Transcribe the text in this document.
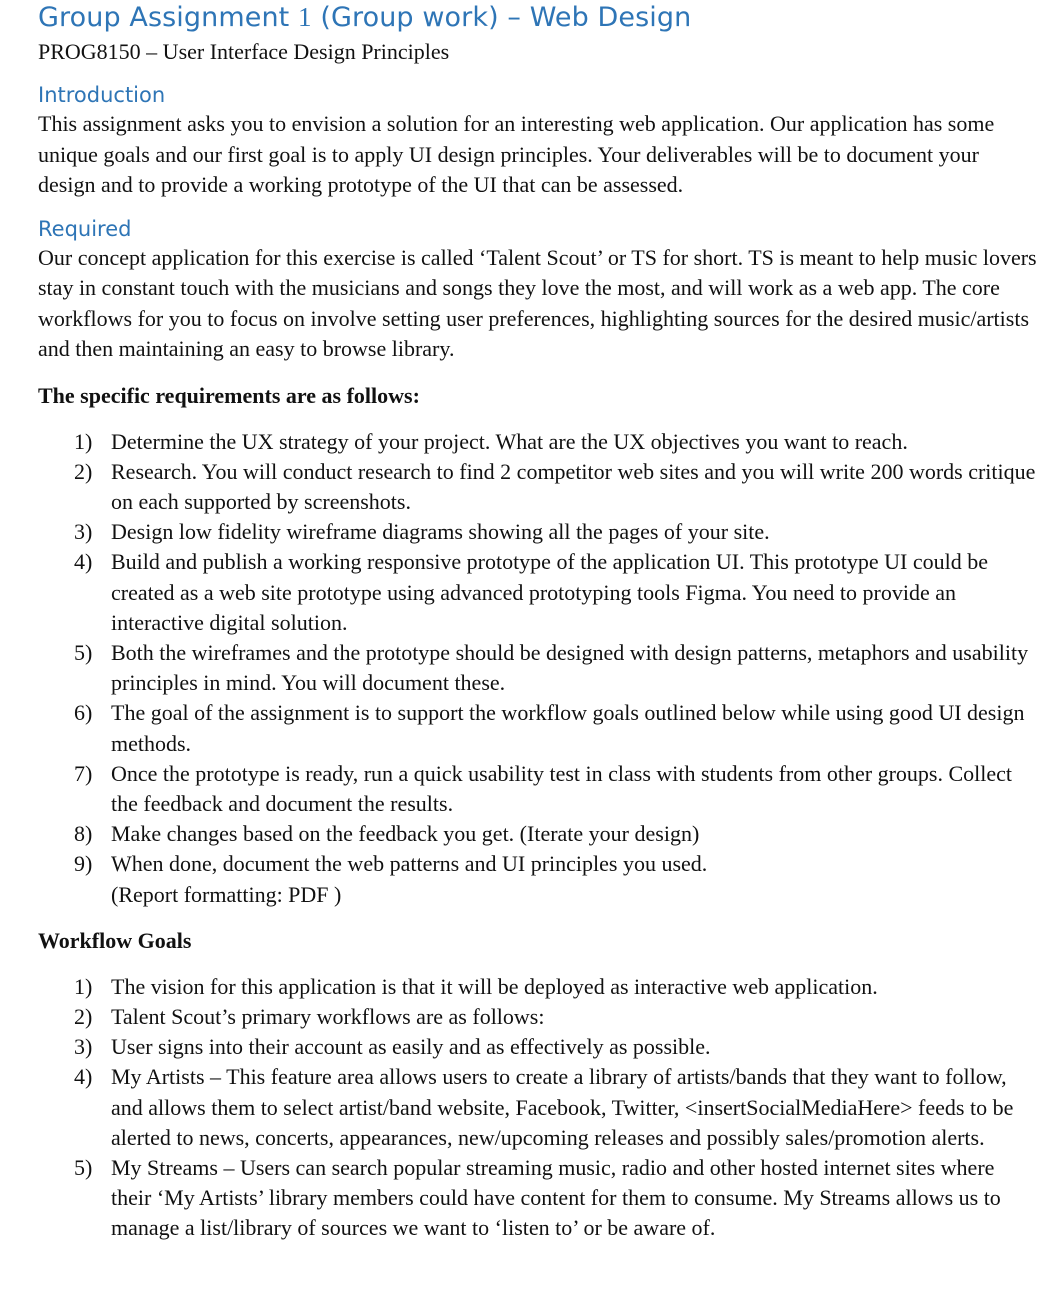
Group Assignment 1 (Group work) – Web Design

PROG8150 – User Interface Design Principles

Introduction

This assignment asks you to envision a solution for an interesting web application. Our application has some unique goals and our first goal is to apply UI design principles. Your deliverables will be to document your design and to provide a working prototype of the UI that can be assessed.

Required

Our concept application for this exercise is called ‘Talent Scout’ or TS for short. TS is meant to help music lovers stay in constant touch with the musicians and songs they love the most, and will work as a web app. The core workflows for you to focus on involve setting user preferences, highlighting sources for the desired music/artists and then maintaining an easy to browse library.

The specific requirements are as follows:

1) Determine the UX strategy of your project. What are the UX objectives you want to reach.
2) Research. You will conduct research to find 2 competitor web sites and you will write 200 words critique on each supported by screenshots.
3) Design low fidelity wireframe diagrams showing all the pages of your site.
4) Build and publish a working responsive prototype of the application UI. This prototype UI could be created as a web site prototype using advanced prototyping tools Figma. You need to provide an interactive digital solution.
5) Both the wireframes and the prototype should be designed with design patterns, metaphors and usability principles in mind. You will document these.
6) The goal of the assignment is to support the workflow goals outlined below while using good UI design methods.
7) Once the prototype is ready, run a quick usability test in class with students from other groups. Collect the feedback and document the results.
8) Make changes based on the feedback you get. (Iterate your design)
9) When done, document the web patterns and UI principles you used.
(Report formatting: PDF )

Workflow Goals

1) The vision for this application is that it will be deployed as interactive web application.
2) Talent Scout’s primary workflows are as follows:
3) User signs into their account as easily and as effectively as possible.
4) My Artists – This feature area allows users to create a library of artists/bands that they want to follow, and allows them to select artist/band website, Facebook, Twitter, <insertSocialMediaHere> feeds to be alerted to news, concerts, appearances, new/upcoming releases and possibly sales/promotion alerts.
5) My Streams – Users can search popular streaming music, radio and other hosted internet sites where their ‘My Artists’ library members could have content for them to consume. My Streams allows us to manage a list/library of sources we want to ‘listen to’ or be aware of.
